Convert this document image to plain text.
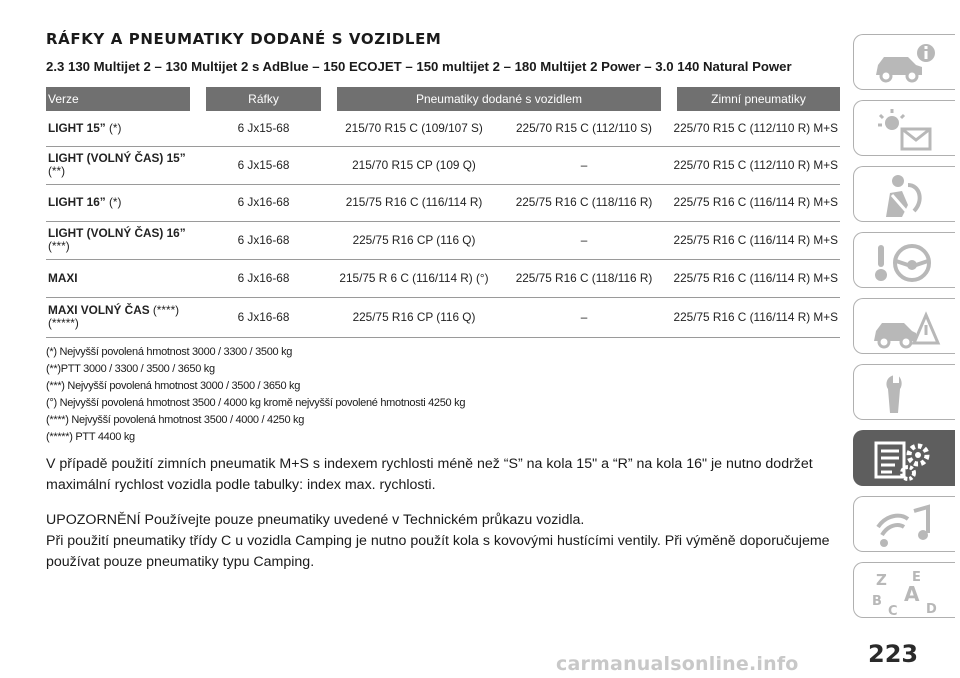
RÁFKY A PNEUMATIKY DODANÉ S VOZIDLEM

2.3 130 Multijet 2 – 130 Multijet 2 s AdBlue – 150 ECOJET – 150 multijet 2 – 180 Multijet 2 Power – 3.0 140 Natural Power

Verze	Ráfky	Pneumatiky dodané s vozidlem		Zimní pneumatiky
LIGHT 15” (*)	6 Jx15-68	215/70 R15 C (109/107 S)	225/70 R15 C (112/110 S)	225/70 R15 C (112/110 R) M+S
LIGHT (VOLNÝ ČAS) 15” (**)	6 Jx15-68	215/70 R15 CP (109 Q)	–	225/70 R15 C (112/110 R) M+S
LIGHT 16” (*)	6 Jx16-68	215/75 R16 C (116/114 R)	225/75 R16 C (118/116 R)	225/75 R16 C (116/114 R) M+S
LIGHT (VOLNÝ ČAS) 16” (***)	6 Jx16-68	225/75 R16 CP (116 Q)	–	225/75 R16 C (116/114 R) M+S
MAXI	6 Jx16-68	215/75 R 6 C (116/114 R) (°)	225/75 R16 C (118/116 R)	225/75 R16 C (116/114 R) M+S
MAXI VOLNÝ ČAS (****) (*****)	6 Jx16-68	225/75 R16 CP (116 Q)	–	225/75 R16 C (116/114 R) M+S
(*) Nejvyšší povolená hmotnost 3000 / 3300 / 3500 kg
(**)PTT 3000 / 3300 / 3500 / 3650 kg
(***) Nejvyšší povolená hmotnost 3000 / 3500 / 3650 kg
(°) Nejvyšší povolená hmotnost 3500 / 4000 kg kromě nejvyšší povolené hmotnosti 4250 kg
(****) Nejvyšší povolená hmotnost 3500 / 4000 / 4250 kg
(*****) PTT 4400 kg

V případě použití zimních pneumatik M+S s indexem rychlosti méně než “S” na kola 15" a “R” na kola 16" je nutno dodržet maximální rychlost vozidla podle tabulky: index max. rychlosti.

UPOZORNĚNÍ Používejte pouze pneumatiky uvedené v Technickém průkazu vozidla.

Při použití pneumatiky třídy C u vozidla Camping je nutno použít kola s kovovými hustícími ventily. Při výměně doporučujeme používat pouze pneumatiky typu Camping.

Z E
A
B
C D
223
carmanualsonline.info
